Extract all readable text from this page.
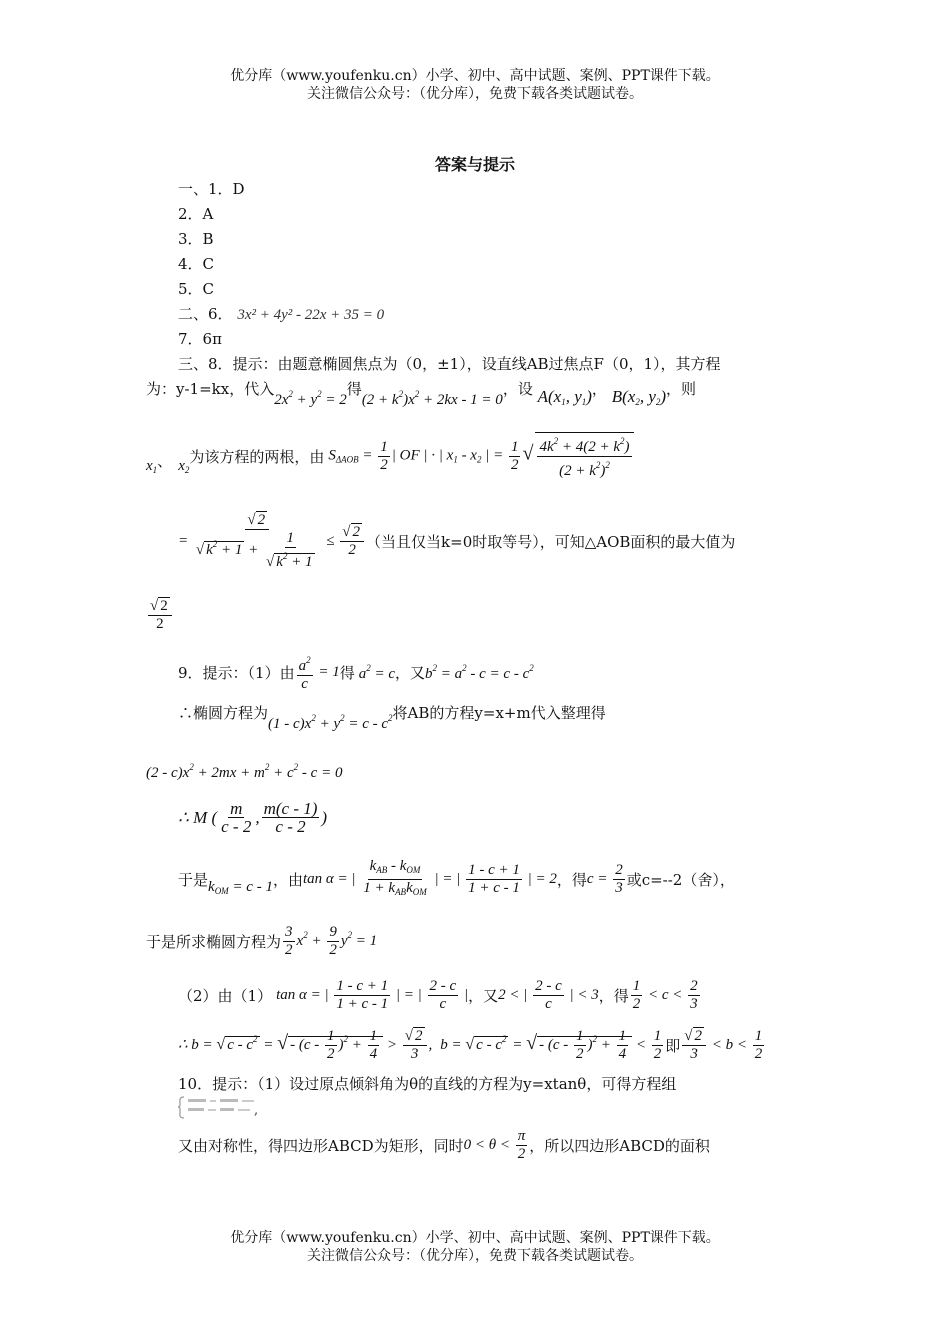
优分库（www.youfenku.cn）小学、初中、高中试题、案例、PPT课件下载。
关注微信公众号：（优分库），免费下载各类试题试卷。
答案与提示
一、1．D
2．A
3．B
4．C
5．C
二、6． 3x² + 4y² - 22x + 35 = 0
7．6π
三、8．提示：由题意椭圆焦点为（0，±1），设直线AB过焦点F（0，1），其方程
为：y-1=kx，代入$2x^2 + y^2 = 2$得$(2 + k^2)x^2 + 2kx - 1 = 0$，设 $A(x_1$, $y_1$)， $B(x_2$, $y_2$)，则
$x_1$ 、 $x_2$
为该方程的两根，由 $S_{\Delta AOB} = \frac{1}{2}$ | OF | · | $x_1 - x_2$ | = $\frac{1}{2}$ √ $\frac{4k^2 + 4(2 + k^2)}{(2 + k^2)^2}$
= $\frac{√ 2}{√ k^2 + 1 + \frac{1}{√ k^2 + 1}} \le \frac{√ 2}{2}$ （当且仅当k=0时取等号），可知△AOB面积的最大值为
$\frac{√ 2}{2}$
9．提示：（1）由 $\frac{a^2}{c} = 1$ 得 $a^2 = c$ ，又 $b^2 = a^2 - c = c - c^2$
∴椭圆方程为$(1 - c)x^2 + y^2 = c - c^2$将AB的方程y=x+m代入整理得
$(2 - c)x^2 + 2mx + m^2 + c^2 - c = 0$
∴ M ( $\frac{m}{c - 2}$ , $\frac{m(c - 1)}{c - 2}$ )
于是 $k_{OM} = c - 1$ ，由 tan α = | $\frac{k_{AB} - k_{OM}}{1 + k_{AB}k_{OM}}$ | = | $\frac{1 - c + 1}{1 + c - 1}$ | = 2 ，得 $c = \frac{2}{3}$ 或c=--2（舍），
于是所求椭圆方程为 $\frac{3}{2} x^2 + \frac{9}{2} y^2 = 1$
（2）由（1） tan α = | $\frac{1 - c + 1}{1 + c - 1}$ | = | $\frac{2 - c}{c}$ | ，又 2 < | $\frac{2 - c}{c}$ | < 3 ，得 $\frac{1}{2} < c < \frac{2}{3}$
∴ b = √ c - $c^2$ = √ - $(c - \frac{1}{2} )^2 + \frac{1}{4} > \frac{√ 2}{3}$ , b = √ c - $c^2$ = √ - $(c - \frac{1}{2} )^2 + \frac{1}{4} < \frac{1}{2}$ 即 $\frac{√ 2}{3} < b < \frac{1}{2}$
10．提示：（1）设过原点倾斜角为θ的直线的方程为y=xtanθ，可得方程组
,
又由对称性，得四边形ABCD为矩形，同时 $0 < \theta < \frac{\pi}{2}$ ，所以四边形ABCD的面积
优分库（www.youfenku.cn）小学、初中、高中试题、案例、PPT课件下载。
关注微信公众号：（优分库），免费下载各类试题试卷。
